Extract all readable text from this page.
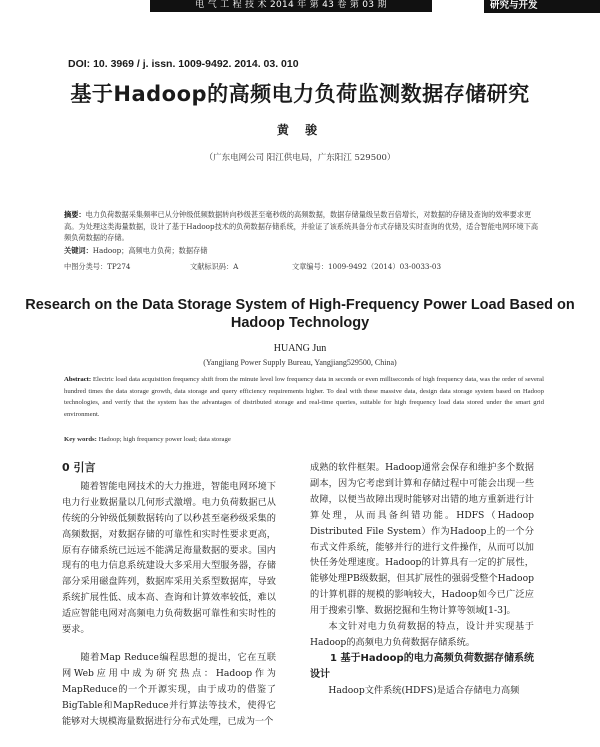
电 气 工 程 技 术 2014 年 第 43 卷 第 03 期	研究与开发
DOI: 10. 3969 / j. issn. 1009-9492. 2014. 03. 010
基于Hadoop的高频电力负荷监测数据存储研究
黄 骏
（广东电网公司 阳江供电局，广东阳江 529500）
摘要：电力负荷数据采集频率已从分钟级低频数据转向秒级甚至毫秒级的高频数据，数据存储量级呈数百倍增长，对数据的存储及查询的效率要求更高。为处理这类海量数据，设计了基于Hadoop技术的负荷数据存储系统，并验证了该系统具备分布式存储及实时查询的优势，适合智能电网环境下高频负荷数据的存储。
关键词：Hadoop；高频电力负荷；数据存储
中图分类号：TP274	文献标识码：A	文章编号：1009-9492（2014）03-0033-03
Research on the Data Storage System of High-Frequency Power Load Based on Hadoop Technology
HUANG Jun
(Yangjiang Power Supply Bureau, Yangjiang529500, China)
Abstract: Electric load data acquisition frequency shift from the minute level low frequency data in seconds or even milliseconds of high frequency data, was the order of several hundred times the data storage growth, data storage and query efficiency requirements higher. To deal with these massive data, design data storage system based on Hadoop technologies, and verify that the system has the advantages of distributed storage and real-time queries, suitable for high frequency load data stored under the smart grid environment.
Key words: Hadoop; high frequency power load; data storage
0 引言

随着智能电网技术的大力推进，智能电网环境下电力行业数据量以几何形式激增。电力负荷数据已从传统的分钟级低频数据转向了以秒甚至毫秒级采集的高频数据，对数据存储的可靠性和实时性要求更高，原有存储系统已远远不能满足海量数据的要求。国内现有的电力信息系统建设大多采用大型服务器，存储部分采用磁盘阵列，数据库采用关系型数据库，导致系统扩展性低、成本高、查询和计算效率较低，难以适应智能电网对高频电力负荷数据可靠性和实时性的要求。

随着Map Reduce编程思想的提出，它在互联网Web应用中成为研究热点：Hadoop作为MapReduce的一个开源实现，由于成功的借鉴了BigTable和MapReduce并行算法等技术，使得它能够对大规模海量数据进行分布式处理，已成为一个

成熟的软件框架。Hadoop通常会保存和维护多个数据副本，因为它考虑到计算和存储过程中可能会出现一些故障，以便当故障出现时能够对出错的地方重新进行计算处理，从而具备纠错功能。HDFS（Hadoop Distributed File System）作为Hadoop上的一个分布式文件系统，能够并行的进行文件操作，从而可以加快任务处理速度。Hadoop的计算具有一定的扩展性，能够处理PB级数据，但其扩展性的强弱受整个Hadoop的计算机群的规模的影响较大，Hadoop如今已广泛应用于搜索引擎、数据挖掘和生物计算等领域[1-3]。

本文针对电力负荷数据的特点，设计并实现基于Hadoop的高频电力负荷数据存储系统。

1 基于Hadoop的电力高频负荷数据存储系统设计

Hadoop文件系统(HDFS)是适合存储电力高频
